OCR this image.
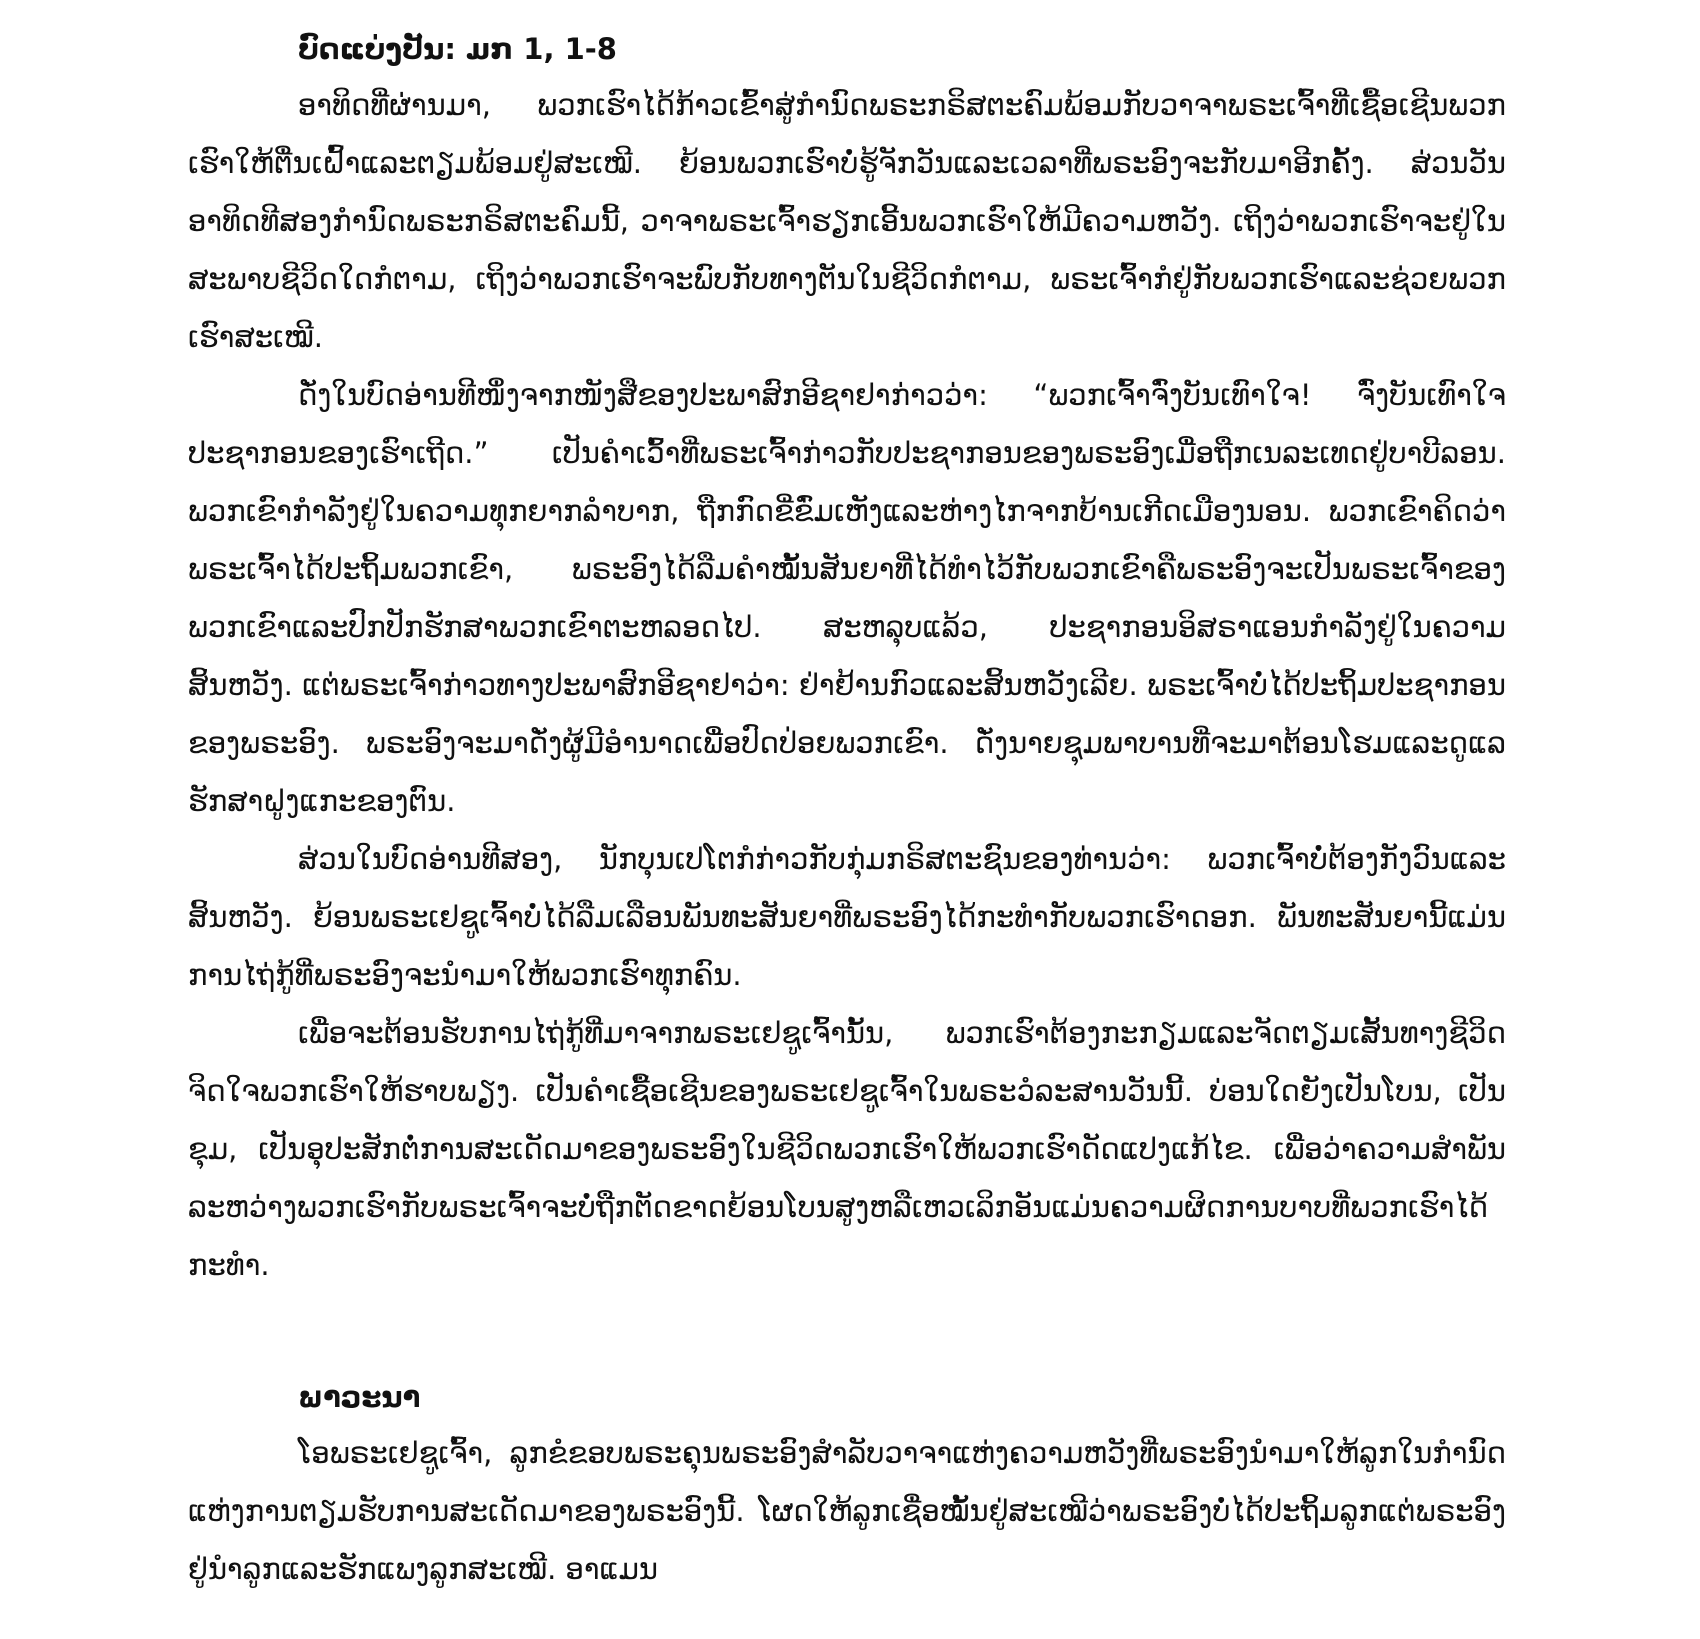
ບົດແບ່ງປັນ: ມກ 1, 1-8

ອາທິດທີ່ຜ່ານມາ, ພວກເຮົາໄດ້ກ້າວເຂົ້າສູ່ກຳນົດພຣະກຣິສຕະຄົມພ້ອມກັບວາຈາພຣະເຈົ້າທີ່ເຊື້ອເຊີນພວກເຮົາໃຫ້ຕື່ນເຝົ້າແລະຕຽມພ້ອມຢູ່ສະເໝີ. ຍ້ອນພວກເຮົາບໍ່ຮູ້ຈັກວັນແລະເວລາທີ່ພຣະອົງຈະກັບມາອີກຄັ້ງ. ສ່ວນວັນອາທິດທີສອງກຳນົດພຣະກຣິສຕະຄົມນີ້, ວາຈາພຣະເຈົ້າຮຽກເອີ້ນພວກເຮົາໃຫ້ມີຄວາມຫວັງ. ເຖິງວ່າພວກເຮົາຈະຢູ່ໃນສະພາບຊີວິດໃດກໍຕາມ, ເຖິງວ່າພວກເຮົາຈະພົບກັບທາງຕັນໃນຊີວິດກໍຕາມ, ພຣະເຈົ້າກໍຢູ່ກັບພວກເຮົາແລະຊ່ວຍພວກເຮົາສະເໝີ.

ດັ່ງໃນບົດອ່ານທີໜຶ່ງຈາກໜັງສືຂອງປະພາສົກອີຊາຢາກ່າວວ່າ: “ພວກເຈົ້າຈົ່ງບັນເທົາໃຈ! ຈົ່ງບັນເທົາໃຈປະຊາກອນຂອງເຮົາເຖີດ.” ເປັນຄຳເວົ້າທີ່ພຣະເຈົ້າກ່າວກັບປະຊາກອນຂອງພຣະອົງເມື່ອຖືກເນລະເທດຢູ່ບາບີລອນ. ພວກເຂົາກຳລັງຢູ່ໃນຄວາມທຸກຍາກລຳບາກ, ຖືກກົດຂີ່ຂົ່ມເຫັງແລະຫ່າງໄກຈາກບ້ານເກີດເມືອງນອນ. ພວກເຂົາຄິດວ່າພຣະເຈົ້າໄດ້ປະຖິ້ມພວກເຂົາ, ພຣະອົງໄດ້ລືມຄຳໝັ້ນສັນຍາທີ່ໄດ້ທຳໄວ້ກັບພວກເຂົາຄືພຣະອົງຈະເປັນພຣະເຈົ້າຂອງພວກເຂົາແລະປົກປັກຮັກສາພວກເຂົາຕະຫລອດໄປ. ສະຫລຸບແລ້ວ, ປະຊາກອນອິສຣາແອນກຳລັງຢູ່ໃນຄວາມສິ້ນຫວັງ. ແຕ່ພຣະເຈົ້າກ່າວທາງປະພາສົກອີຊາຢາວ່າ: ຢ່າຢ້ານກົວແລະສິ້ນຫວັງເລີຍ. ພຣະເຈົ້າບໍ່ໄດ້ປະຖິ້ມປະຊາກອນຂອງພຣະອົງ. ພຣະອົງຈະມາດັ່ງຜູ້ມີອຳນາດເພື່ອປົດປ່ອຍພວກເຂົາ. ດັ່ງນາຍຊຸມພາບານທີ່ຈະມາຕ້ອນໂຮມແລະດູແລຮັກສາຝູງແກະຂອງຕົນ.

ສ່ວນໃນບົດອ່ານທີສອງ, ນັກບຸນເປໂຕກໍກ່າວກັບກຸ່ມກຣິສຕະຊົນຂອງທ່ານວ່າ: ພວກເຈົ້າບໍ່ຕ້ອງກັງວົນແລະສິ້ນຫວັງ. ຍ້ອນພຣະເຢຊູເຈົ້າບໍ່ໄດ້ລືມເລືອນພັນທະສັນຍາທີ່ພຣະອົງໄດ້ກະທຳກັບພວກເຮົາດອກ. ພັນທະສັນຍານີ້ແມ່ນການໄຖ່ກູ້ທີ່ພຣະອົງຈະນຳມາໃຫ້ພວກເຮົາທຸກຄົນ.

ເພື່ອຈະຕ້ອນຮັບການໄຖ່ກູ້ທີ່ມາຈາກພຣະເຢຊູເຈົ້ານັ້ນ, ພວກເຮົາຕ້ອງກະກຽມແລະຈັດຕຽມເສັ້ນທາງຊີວິດຈິດໃຈພວກເຮົາໃຫ້ຮາບພຽງ. ເປັນຄຳເຊື້ອເຊີນຂອງພຣະເຢຊູເຈົ້າໃນພຣະວໍລະສານວັນນີ້. ບ່ອນໃດຍັງເປັນໂບນ, ເປັນຂຸມ, ເປັນອຸປະສັກຕໍ່ການສະເດັດມາຂອງພຣະອົງໃນຊີວິດພວກເຮົາໃຫ້ພວກເຮົາດັດແປງແກ້ໄຂ. ເພື່ອວ່າຄວາມສຳພັນລະຫວ່າງພວກເຮົາກັບພຣະເຈົ້າຈະບໍ່ຖືກຕັດຂາດຍ້ອນໂບນສູງຫລືເຫວເລິກອັນແມ່ນຄວາມຜິດການບາບທີ່ພວກເຮົາໄດ້ກະທຳ.

ພາວະນາ

ໂອພຣະເຢຊູເຈົ້າ, ລູກຂໍຂອບພຣະຄຸນພຣະອົງສຳລັບວາຈາແຫ່ງຄວາມຫວັງທີ່ພຣະອົງນຳມາໃຫ້ລູກໃນກຳນົດແຫ່ງການຕຽມຮັບການສະເດັດມາຂອງພຣະອົງນີ້. ໂຜດໃຫ້ລູກເຊື່ອໝັ້ນຢູ່ສະເໝີວ່າພຣະອົງບໍ່ໄດ້ປະຖິ້ມລູກແຕ່ພຣະອົງຢູ່ນຳລູກແລະຮັກແພງລູກສະເໝີ. ອາແມນ
